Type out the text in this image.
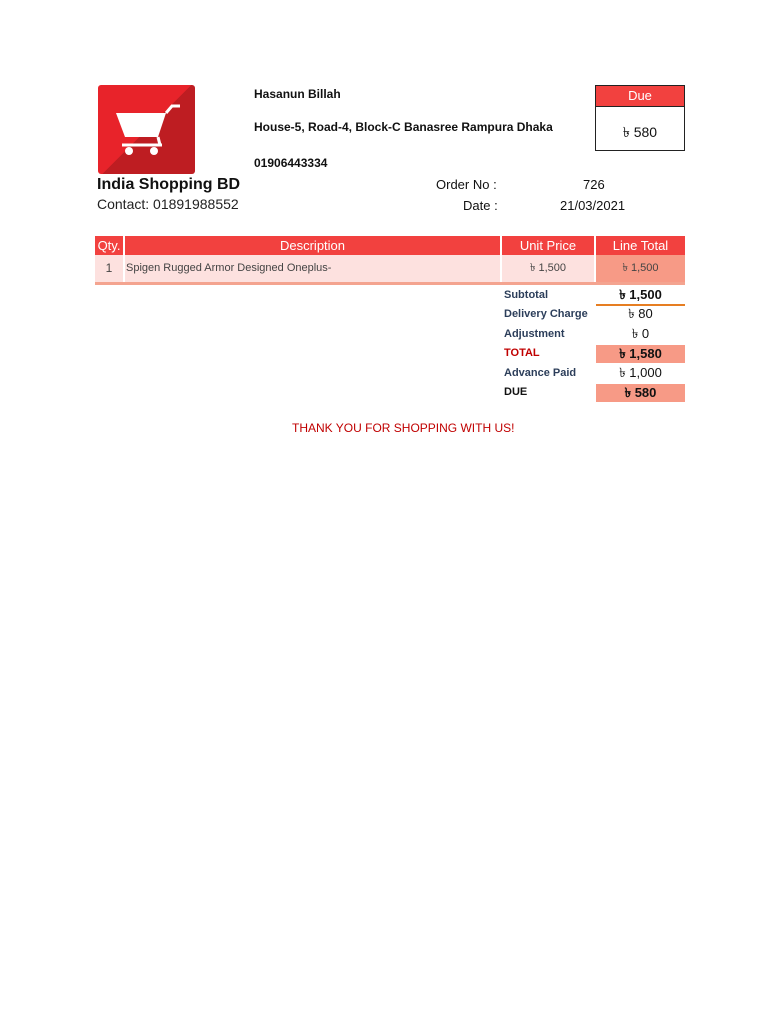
Hasanun Billah
House-5, Road-4, Block-C Banasree Rampura Dhaka
01906443334
Due
৳ 580
India Shopping BD
Contact: 01891988552
Order No :	726
Date :	21/03/2021
Qty.	Description	Unit Price	Line Total
1	Spigen Rugged Armor Designed Oneplus-	৳ 1,500	৳ 1,500
Subtotal	৳ 1,500
Delivery Charge	৳ 80
Adjustment	৳ 0
TOTAL	৳ 1,580
Advance Paid	৳ 1,000
DUE	৳ 580
THANK YOU FOR SHOPPING WITH US!
